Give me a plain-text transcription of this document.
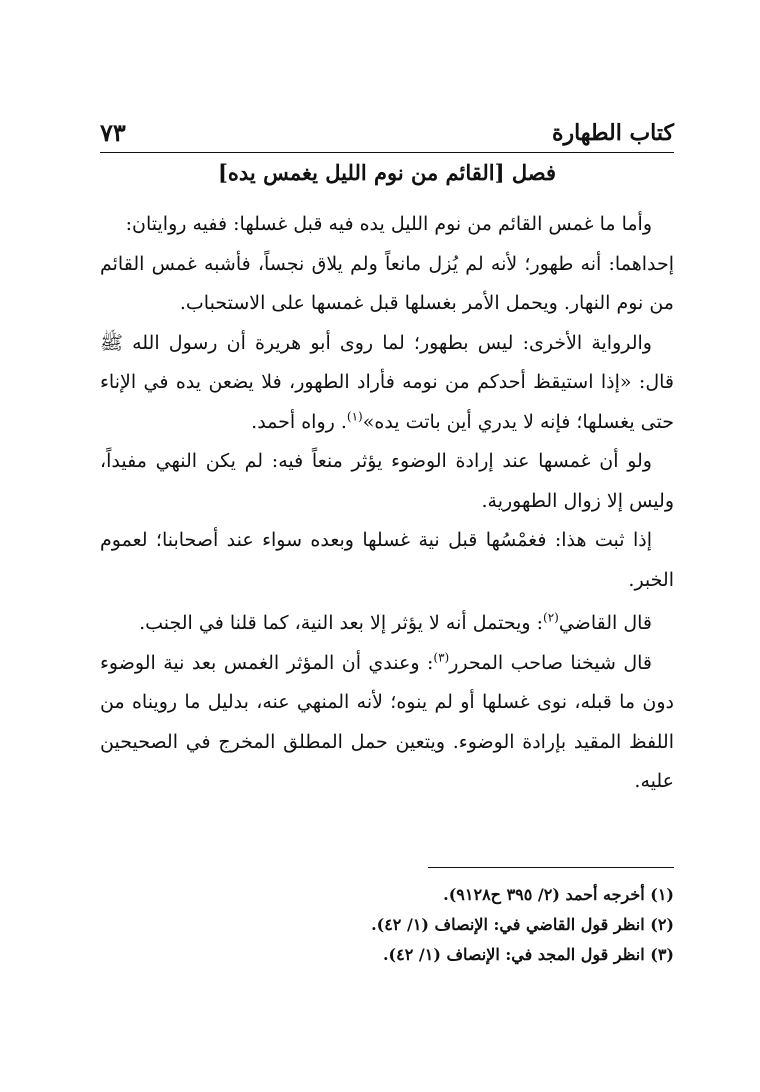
كتاب الطهارة
٧٣
فصل [القائم من نوم الليل يغمس يده]

وأما ما غمس القائم من نوم الليل يده فيه قبل غسلها: ففيه روايتان:

إحداهما: أنه طهور؛ لأنه لم يُزل مانعاً ولم يلاق نجساً، فأشبه غمس القائم من نوم النهار. ويحمل الأمر بغسلها قبل غمسها على الاستحباب.

والرواية الأخرى: ليس بطهور؛ لما روى أبو هريرة أن رسول الله ﷺ قال: «إذا استيقظ أحدكم من نومه فأراد الطهور، فلا يضعن يده في الإناء حتى يغسلها؛ فإنه لا يدري أين باتت يده»$^{(١)}$. رواه أحمد.

ولو أن غمسها عند إرادة الوضوء يؤثر منعاً فيه: لم يكن النهي مفيداً، وليس إلا زوال الطهورية.

إذا ثبت هذا: فغمْسُها قبل نية غسلها وبعده سواء عند أصحابنا؛ لعموم الخبر.

قال القاضي$^{(٢)}$: ويحتمل أنه لا يؤثر إلا بعد النية، كما قلنا في الجنب.

قال شيخنا صاحب المحرر$^{(٣)}$: وعندي أن المؤثر الغمس بعد نية الوضوء دون ما قبله، نوى غسلها أو لم ينوه؛ لأنه المنهي عنه، بدليل ما رويناه من اللفظ المقيد بإرادة الوضوء. ويتعين حمل المطلق المخرج في الصحيحين عليه.

(١) أخرجه أحمد (٢/ ٣٩٥ ح٩١٢٨).
(٢) انظر قول القاضي في: الإنصاف (١/ ٤٢).
(٣) انظر قول المجد في: الإنصاف (١/ ٤٢).
